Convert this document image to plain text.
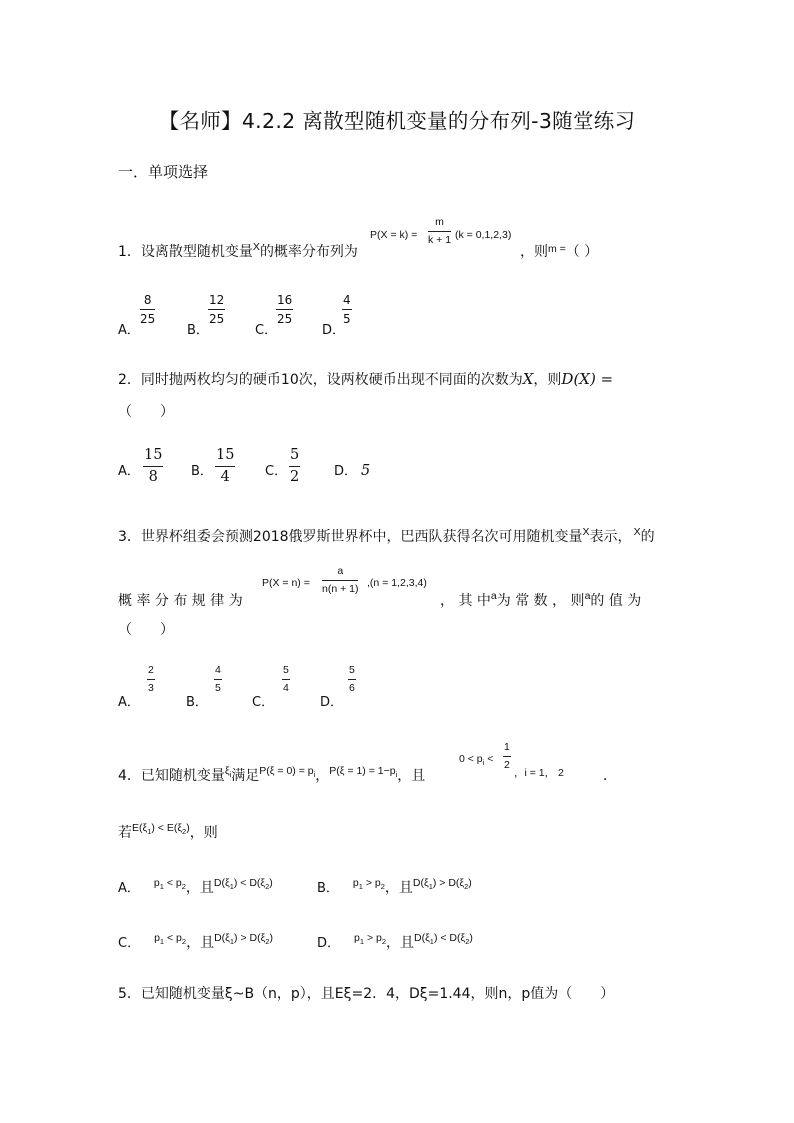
【名师】4.2.2 离散型随机变量的分布列-3随堂练习
一．单项选择
1．设离散型随机变量$^X$的概率分布列为
$P(X = k) = \frac{m}{k + 1} (k = 0,1,2,3)$
，则$^{m =}$（ ）
A．
$\frac{8}{25}$
B．
$\frac{12}{25}$
C．
$\frac{16}{25}$
D．
$\frac{4}{5}$
2．同时抛两枚均匀的硬币10次，设两枚硬币出现不同面的次数为X，则D(X) =
（　　）
A． $\frac{15}{8}$ B． $\frac{15}{4}$ C． $\frac{5}{2}$	D． 5
3．世界杯组委会预测2018俄罗斯世界杯中，巴西队获得名次可用随机变量$^X$表示， $^X$的
概 率 分 布 规 律 为
$P(X = n) = \frac{a}{n(n + 1)} ,(n = 1,2,3,4)$
， 其 中$^a$为 常 数 ， 则$^a$的 值 为
（　　）
A．
$\frac{2}{3}$
B．
$\frac{4}{5}$
C．
$\frac{5}{4}$
D．
$\frac{5}{6}$
4．已知随机变量$^{\xi_i}$满足$^{P(\xi = 0) = p_i}$，$^{P(\xi = 1) = 1-p_i}$，且
$0 < p_i < \frac{1}{2}$
，i = 1， 2	．
若$^{E(\xi_1) < E(\xi_2)}$，则
A． $^{p_1 < p_2}$，且$^{D(\xi_1) < D(\xi_2)}$	B． $^{p_1 > p_2}$，且$^{D(\xi_1) > D(\xi_2)}$
C． $^{p_1 < p_2}$，且$^{D(\xi_1) > D(\xi_2)}$	D． $^{p_1 > p_2}$，且$^{D(\xi_1) < D(\xi_2)}$
5．已知随机变量ξ~B（n，p），且Eξ=2．4，Dξ=1.44，则n，p值为（　　）
